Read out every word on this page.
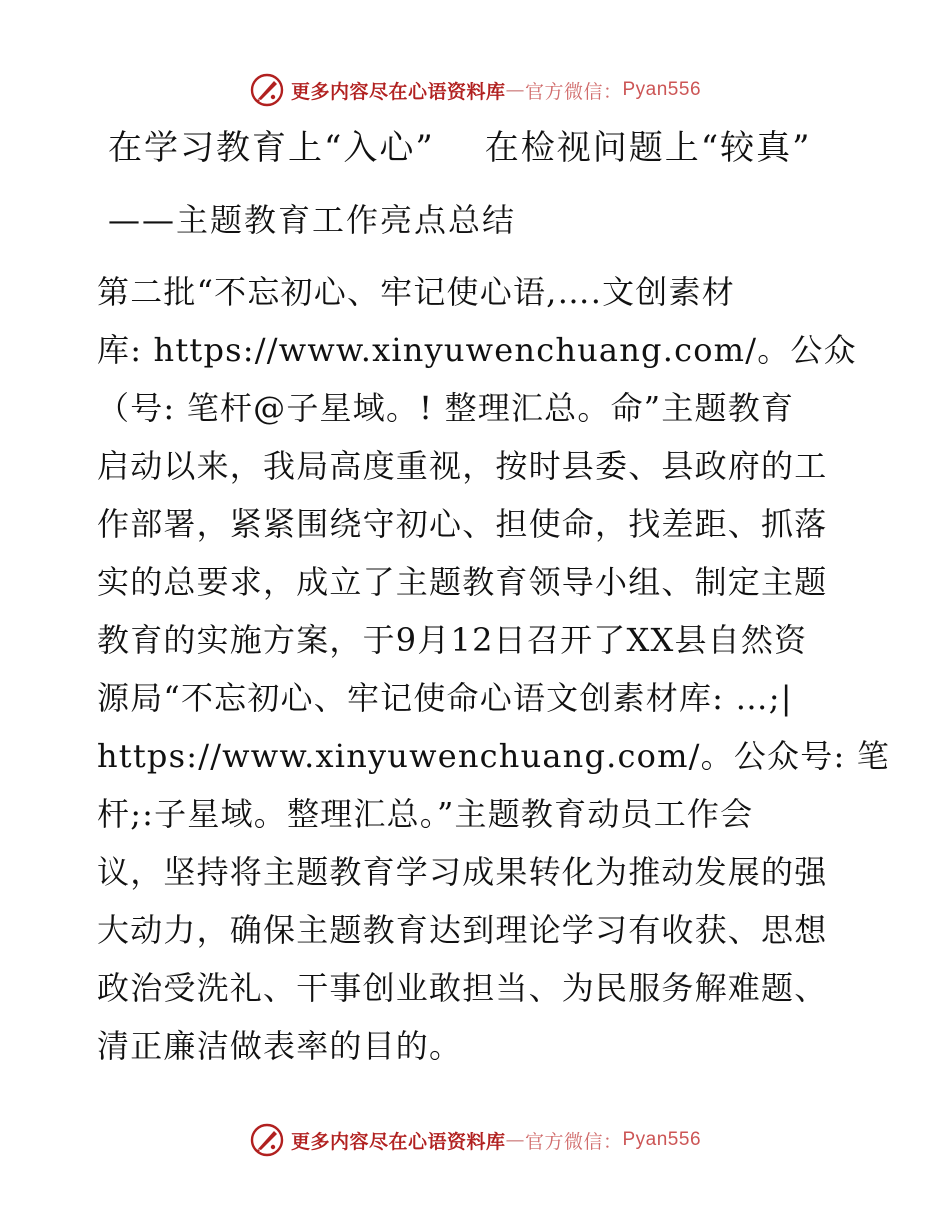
更多内容尽在心语资料库 — 官方微信： Pyan556
在学习教育上“入心” 在检视问题上“较真”
——主题教育工作亮点总结
第二批“不忘初心、牢记使心语,….文创素材
库: https://www.xinyuwenchuang.com/。公众
（号: 笔杆@子星域。! 整理汇总。命”主题教育
启动以来，我局高度重视，按时县委、县政府的工
作部署，紧紧围绕守初心、担使命，找差距、抓落
实的总要求，成立了主题教育领导小组、制定主题
教育的实施方案，于9月12日召开了XX县自然资
源局“不忘初心、牢记使命心语文创素材库: …;|
https://www.xinyuwenchuang.com/。公众号: 笔
杆;:子星域。整理汇总。”主题教育动员工作会
议，坚持将主题教育学习成果转化为推动发展的强
大动力，确保主题教育达到理论学习有收获、思想
政治受洗礼、干事创业敢担当、为民服务解难题、
清正廉洁做表率的目的。
更多内容尽在心语资料库 — 官方微信： Pyan556
